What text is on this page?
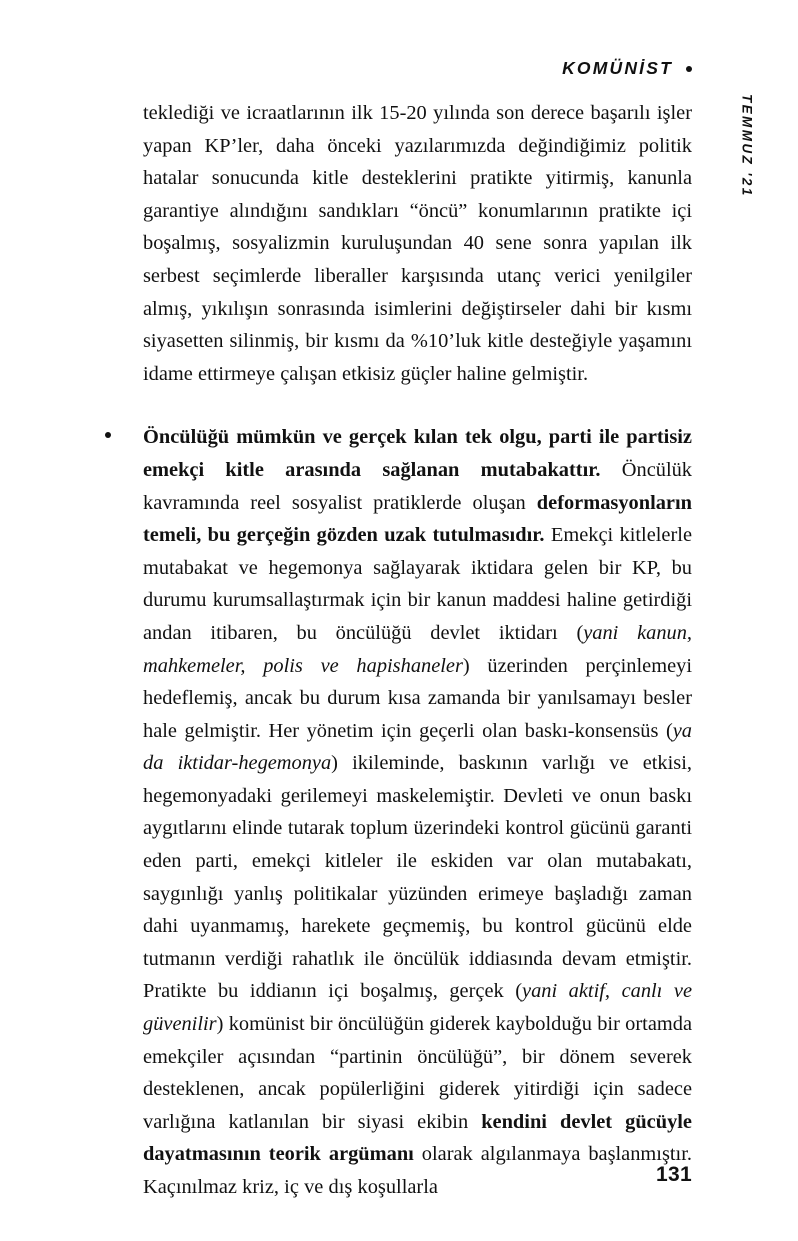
KOMÜNİST
TEMMUZ '21

teklediği ve icraatlarının ilk 15-20 yılında son derece başarılı işler yapan KP’ler, daha önceki yazılarımızda değindiğimiz politik hatalar sonucunda kitle desteklerini pratikte yitirmiş, kanunla garantiye alındığını sandıkları “öncü” konumlarının pratikte içi boşalmış, sosyalizmin kuruluşundan 40 sene sonra yapılan ilk serbest seçimlerde liberaller karşısında utanç verici yenilgiler almış, yıkılışın sonrasında isimlerini değiştirseler dahi bir kısmı siyasetten silinmiş, bir kısmı da %10’luk kitle desteğiyle yaşamını idame ettirmeye çalışan etkisiz güçler haline gelmiştir.

Öncülüğü mümkün ve gerçek kılan tek olgu, parti ile partisiz emekçi kitle arasında sağlanan mutabakattır. Öncülük kavramında reel sosyalist pratiklerde oluşan deformasyonların temeli, bu gerçeğin gözden uzak tutulmasıdır. Emekçi kitlelerle mutabakat ve hegemonya sağlayarak iktidara gelen bir KP, bu durumu kurumsallaştırmak için bir kanun maddesi haline getirdiği andan itibaren, bu öncülüğü devlet iktidarı (yani kanun, mahkemeler, polis ve hapishaneler) üzerinden perçinlemeyi hedeflemiş, ancak bu durum kısa zamanda bir yanılsamayı besler hale gelmiştir. Her yönetim için geçerli olan baskı-konsensüs (ya da iktidar-hegemonya) ikileminde, baskının varlığı ve etkisi, hegemonyadaki gerilemeyi maskelemiştir. Devleti ve onun baskı aygıtlarını elinde tutarak toplum üzerindeki kontrol gücünü garanti eden parti, emekçi kitleler ile eskiden var olan mutabakatı, saygınlığı yanlış politikalar yüzünden erimeye başladığı zaman dahi uyanmamış, harekete geçmemiş, bu kontrol gücünü elde tutmanın verdiği rahatlık ile öncülük iddiasında devam etmiştir. Pratikte bu iddianın içi boşalmış, gerçek (yani aktif, canlı ve güvenilir) komünist bir öncülüğün giderek kaybolduğu bir ortamda emekçiler açısından “partinin öncülüğü”, bir dönem severek desteklenen, ancak popülerliğini giderek yitirdiği için sadece varlığına katlanılan bir siyasi ekibin kendini devlet gücüyle dayatmasının teorik argümanı olarak algılanmaya başlanmıştır. Kaçınılmaz kriz, iç ve dış koşullarla

131
